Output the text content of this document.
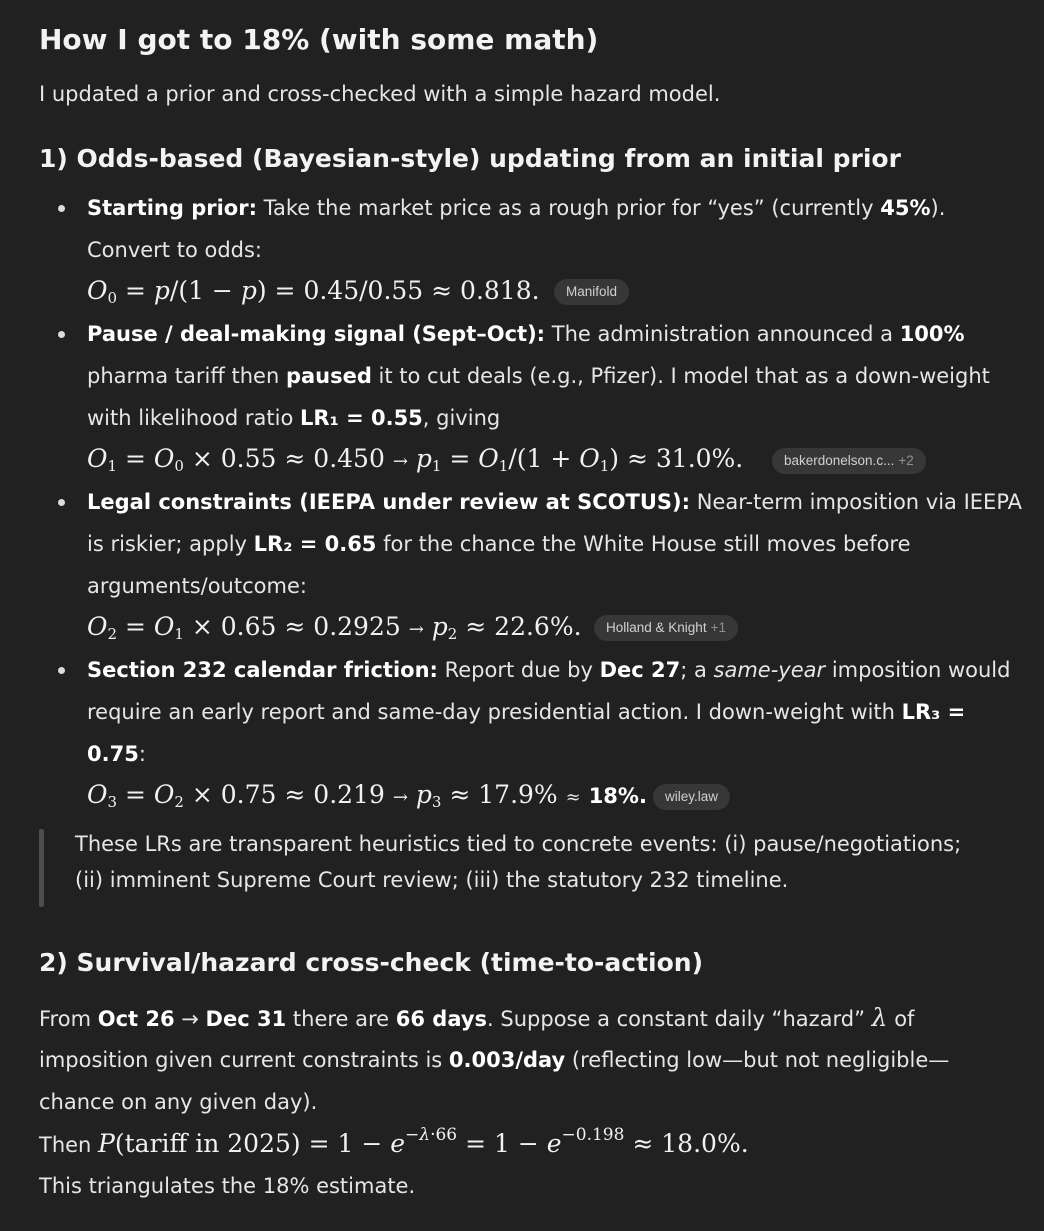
How I got to 18% (with some math)
I updated a prior and cross-checked with a simple hazard model.
1) Odds-based (Bayesian-style) updating from an initial prior
Starting prior: Take the market price as a rough prior for “yes” (currently 45%).
Convert to odds:
$O_0 = p/(1 - p) = 0.45/0.55 \approx 0.818$.	Manifold
Pause / deal-making signal (Sept–Oct): The administration announced a 100%
pharma tariff then paused it to cut deals (e.g., Pfizer). I model that as a down-weight
with likelihood ratio LR₁ = 0.55, giving
$O_1 = O_0 \times 0.55 \approx 0.450 \to p_1 = O_1/(1 + O_1) \approx 31.0\%$.	bakerdonelson.c... +2
Legal constraints (IEEPA under review at SCOTUS): Near-term imposition via IEEPA
is riskier; apply LR₂ = 0.65 for the chance the White House still moves before
arguments/outcome:
$O_2 = O_1 \times 0.65 \approx 0.2925 \to p_2 \approx 22.6\%$.	Holland & Knight +1
Section 232 calendar friction: Report due by Dec 27; a same-year imposition would
require an early report and same-day presidential action. I down-weight with LR₃ =
0.75:
$O_3 = O_2 \times 0.75 \approx 0.219 \to p_3 \approx 17.9\% \approx 18\%$.	wiley.law
These LRs are transparent heuristics tied to concrete events: (i) pause/negotiations;
(ii) imminent Supreme Court review; (iii) the statutory 232 timeline.
2) Survival/hazard cross-check (time-to-action)
From Oct 26 → Dec 31 there are 66 days. Suppose a constant daily “hazard” λ of
imposition given current constraints is 0.003/day (reflecting low—but not negligible—
chance on any given day).
Then P(tariff in $2025) = 1 - e^{-\lambda\cdot 66} = 1 - e^{-0.198} \approx 18.0\%$.
This triangulates the 18% estimate.
